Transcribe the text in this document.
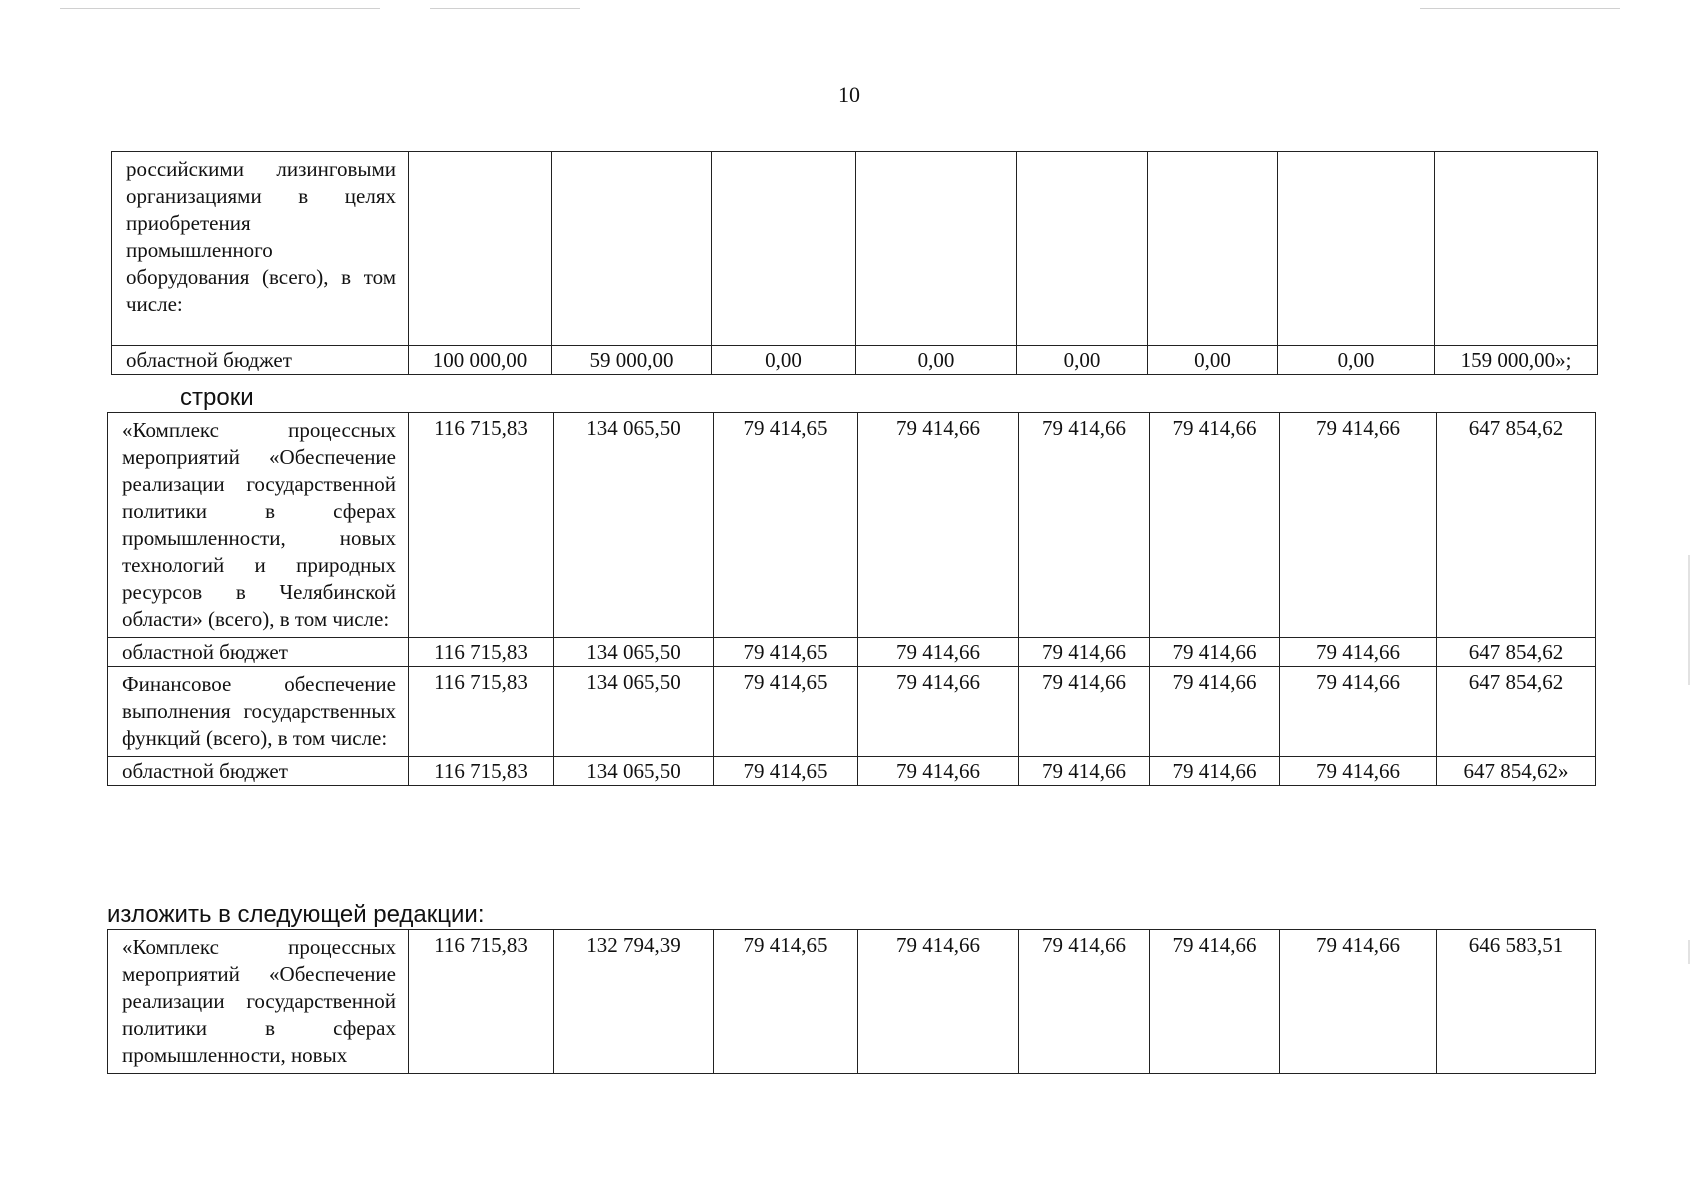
10
российскими лизинговыми организациями в целях приобретения промышленного оборудования (всего), в том числе:								
областной бюджет	100 000,00	59 000,00	0,00	0,00	0,00	0,00	0,00	159 000,00»;
строки
«Комплекс процессных мероприятий «Обеспечение реализации государственной политики в сферах промышленности, новых технологий и природных ресурсов в Челябинской области» (всего), в том числе:	116 715,83	134 065,50	79 414,65	79 414,66	79 414,66	79 414,66	79 414,66	647 854,62
областной бюджет	116 715,83	134 065,50	79 414,65	79 414,66	79 414,66	79 414,66	79 414,66	647 854,62
Финансовое обеспечение выполнения государственных функций (всего), в том числе:	116 715,83	134 065,50	79 414,65	79 414,66	79 414,66	79 414,66	79 414,66	647 854,62
областной бюджет	116 715,83	134 065,50	79 414,65	79 414,66	79 414,66	79 414,66	79 414,66	647 854,62»
изложить в следующей редакции:
«Комплекс процессных мероприятий «Обеспечение реализации государственной политики в сферах промышленности, новых	116 715,83	132 794,39	79 414,65	79 414,66	79 414,66	79 414,66	79 414,66	646 583,51
